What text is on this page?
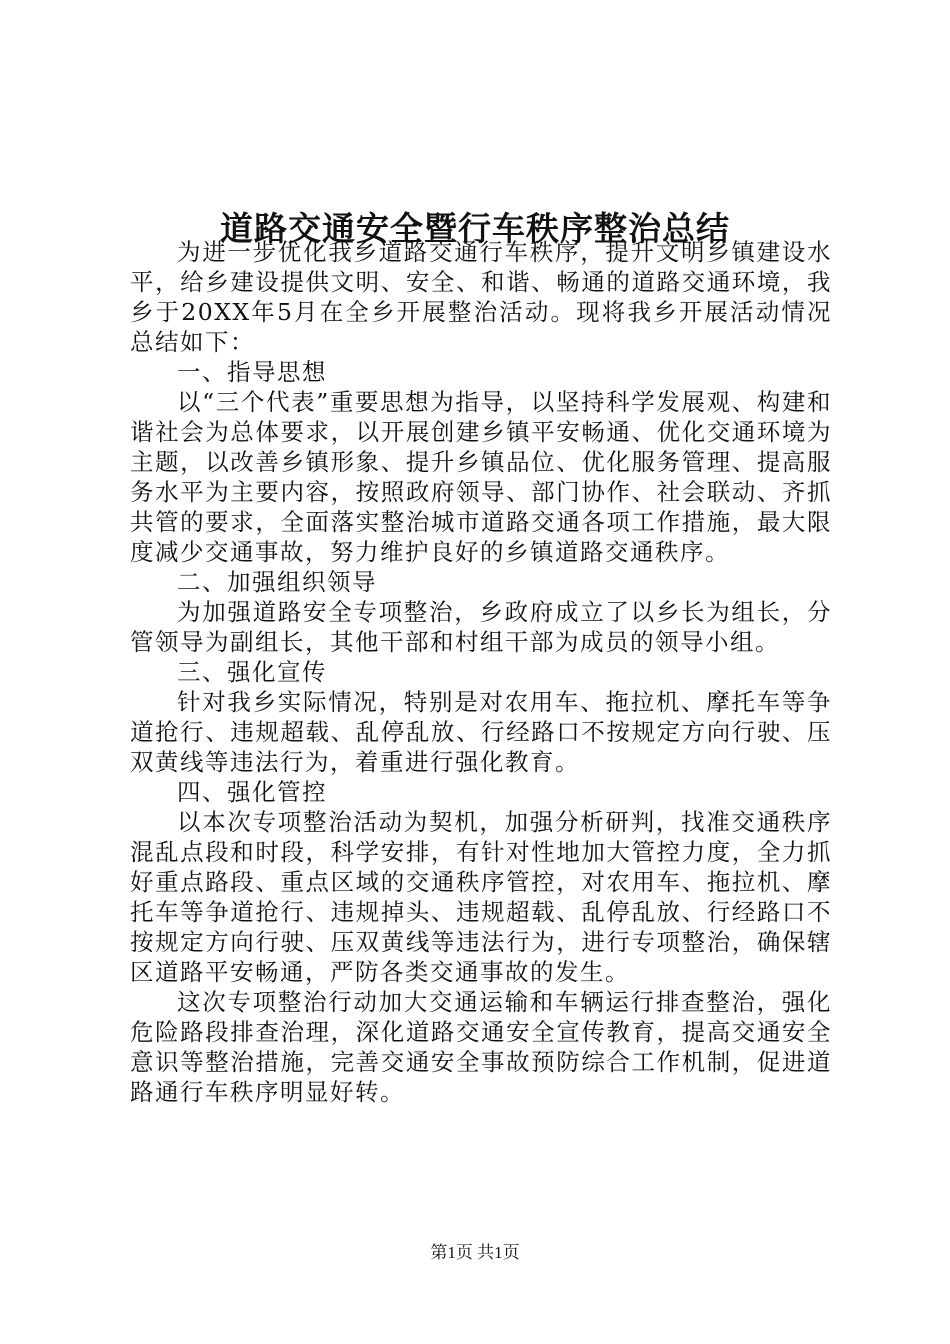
道路交通安全暨行车秩序整治总结

为进一步优化我乡道路交通行车秩序，提升文明乡镇建设水平，给乡建设提供文明、安全、和谐、畅通的道路交通环境，我乡于20XX年5月在全乡开展整治活动。现将我乡开展活动情况总结如下：

一、指导思想

以“三个代表”重要思想为指导，以坚持科学发展观、构建和谐社会为总体要求，以开展创建乡镇平安畅通、优化交通环境为主题，以改善乡镇形象、提升乡镇品位、优化服务管理、提高服务水平为主要内容，按照政府领导、部门协作、社会联动、齐抓共管的要求，全面落实整治城市道路交通各项工作措施，最大限度减少交通事故，努力维护良好的乡镇道路交通秩序。

二、加强组织领导

为加强道路安全专项整治，乡政府成立了以乡长为组长，分管领导为副组长，其他干部和村组干部为成员的领导小组。

三、强化宣传

针对我乡实际情况，特别是对农用车、拖拉机、摩托车等争道抢行、违规超载、乱停乱放、行经路口不按规定方向行驶、压双黄线等违法行为，着重进行强化教育。

四、强化管控

以本次专项整治活动为契机，加强分析研判，找准交通秩序混乱点段和时段，科学安排，有针对性地加大管控力度，全力抓好重点路段、重点区域的交通秩序管控，对农用车、拖拉机、摩托车等争道抢行、违规掉头、违规超载、乱停乱放、行经路口不按规定方向行驶、压双黄线等违法行为，进行专项整治，确保辖区道路平安畅通，严防各类交通事故的发生。

这次专项整治行动加大交通运输和车辆运行排查整治，强化危险路段排查治理，深化道路交通安全宣传教育，提高交通安全意识等整治措施，完善交通安全事故预防综合工作机制，促进道路通行车秩序明显好转。

第1页 共1页
